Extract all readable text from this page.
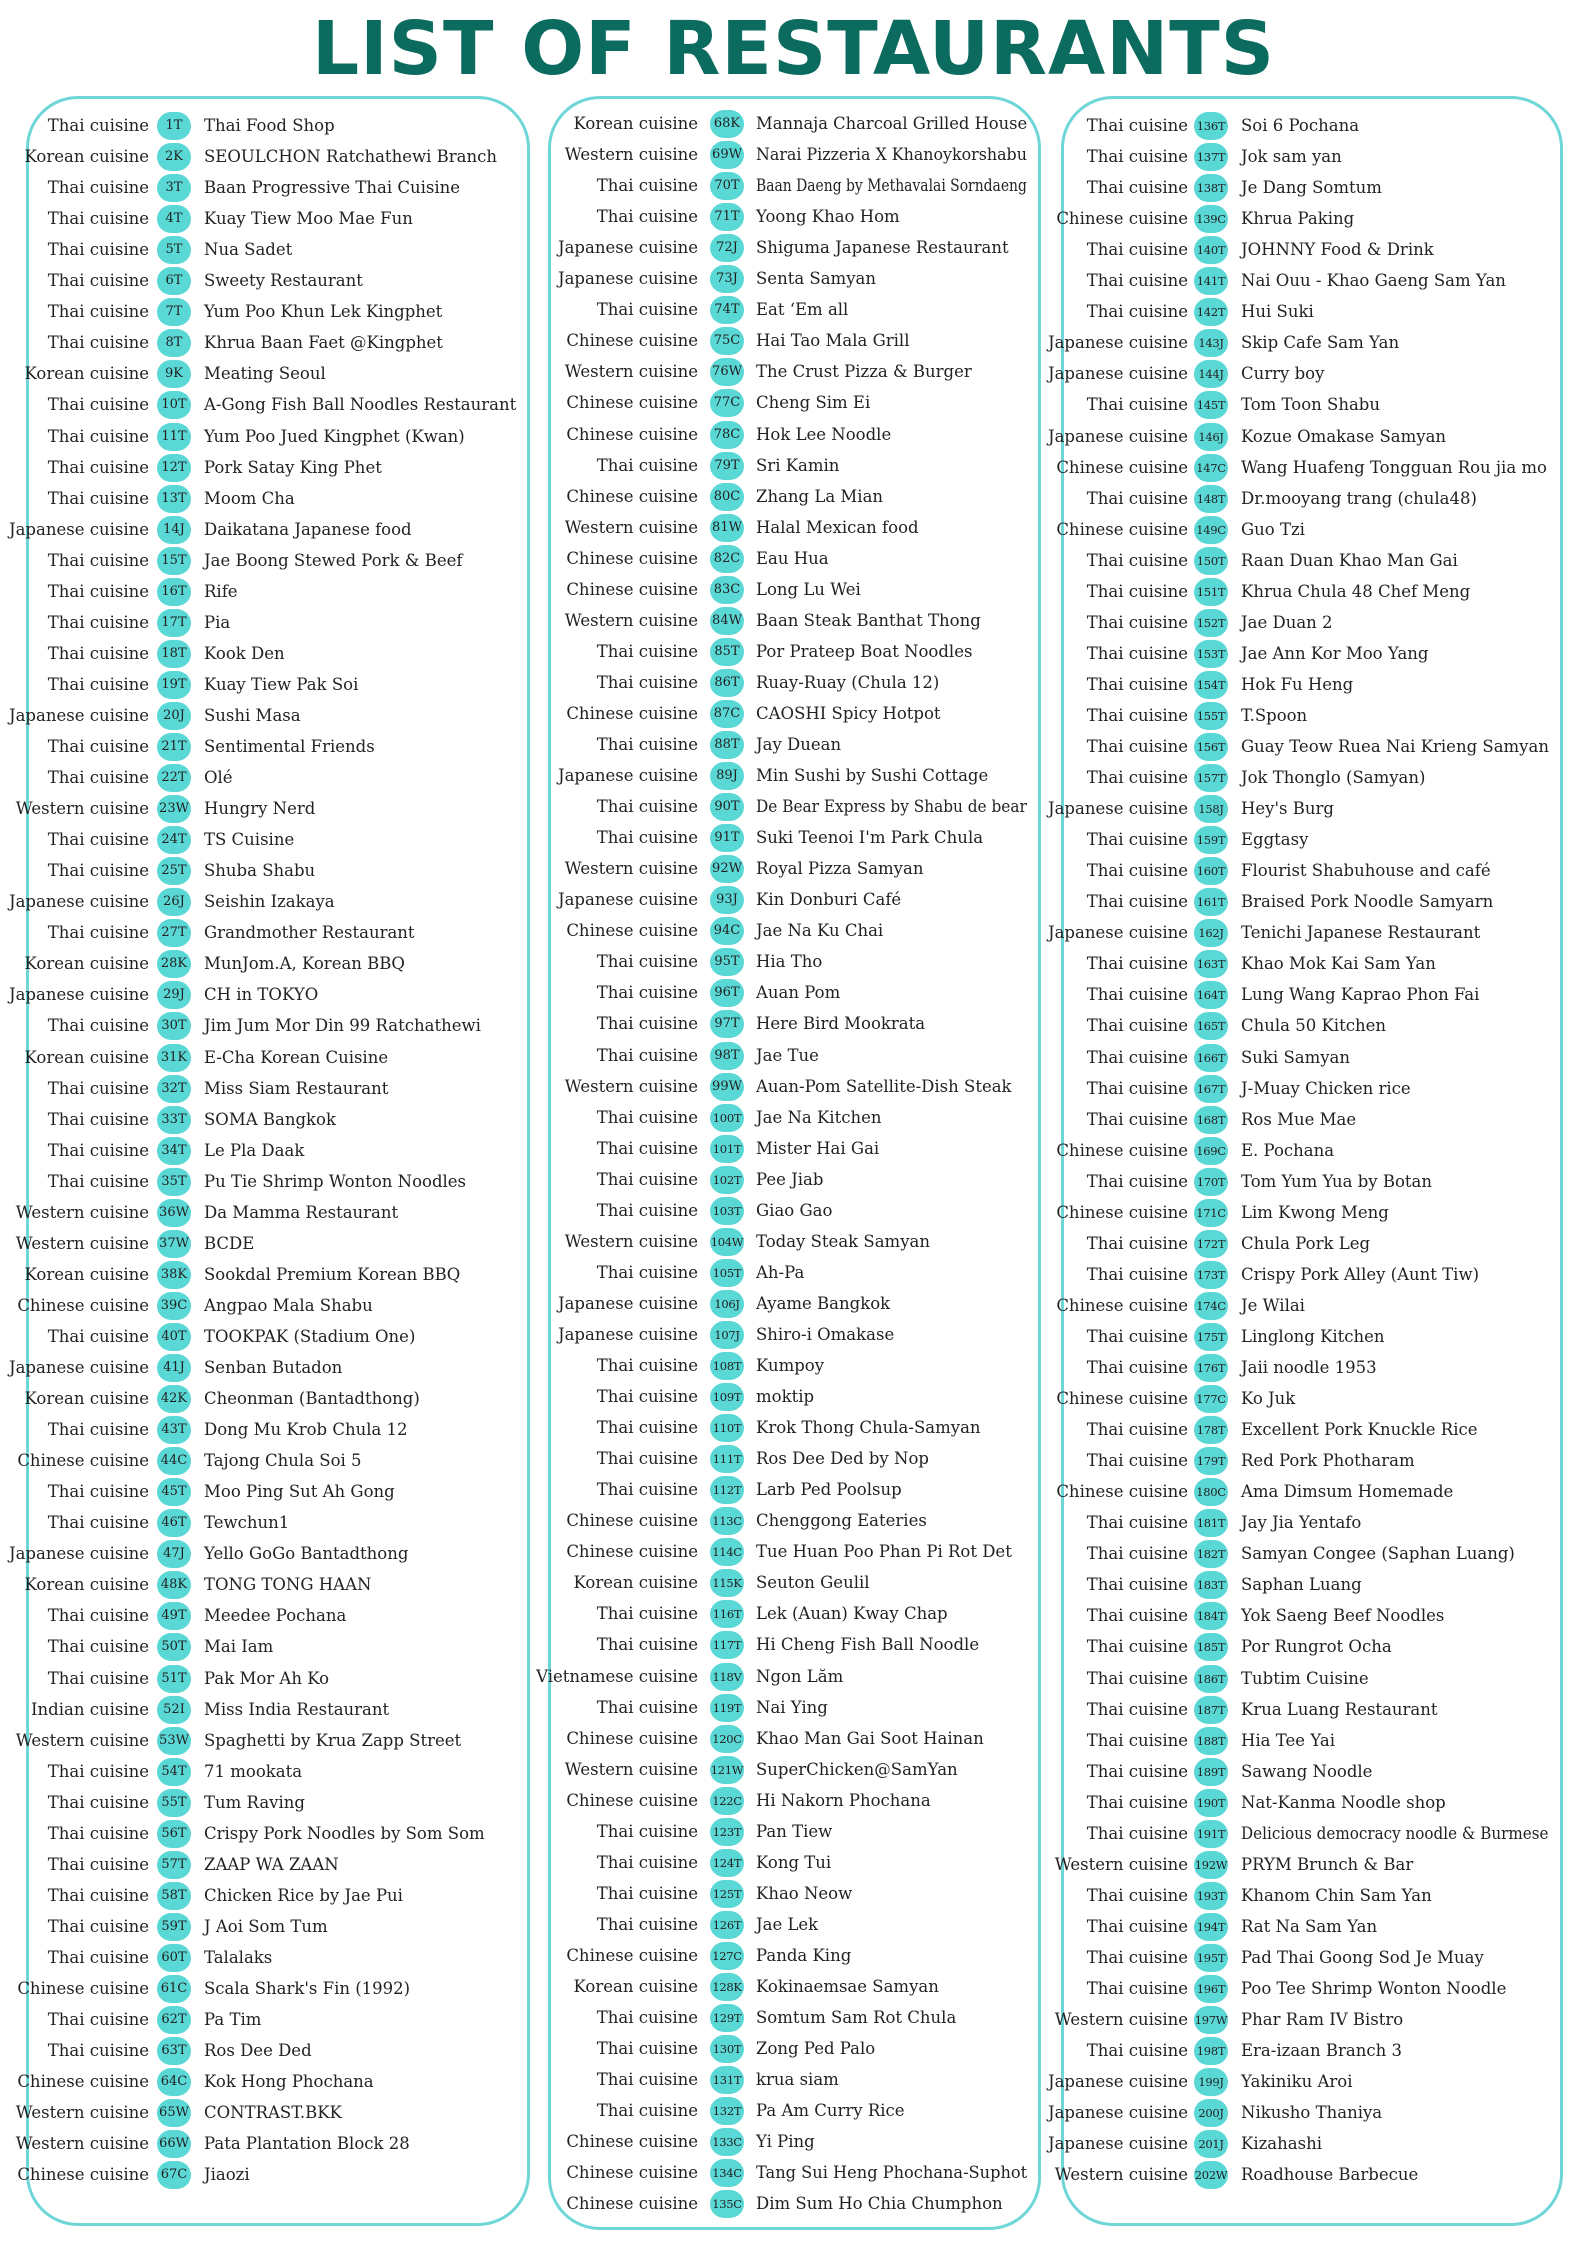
LIST OF RESTAURANTS
Thai cuisine	1T	Thai Food Shop
Korean cuisine	2K	SEOULCHON Ratchathewi Branch
Thai cuisine	3T	Baan Progressive Thai Cuisine
Thai cuisine	4T	Kuay Tiew Moo Mae Fun
Thai cuisine	5T	Nua Sadet
Thai cuisine	6T	Sweety Restaurant
Thai cuisine	7T	Yum Poo Khun Lek Kingphet
Thai cuisine	8T	Khrua Baan Faet @Kingphet
Korean cuisine	9K	Meating Seoul
Thai cuisine 10T A-Gong Fish Ball Noodles Restaurant
Thai cuisine 11T Yum Poo Jued Kingphet (Kwan)
Thai cuisine 12T Pork Satay King Phet
Thai cuisine 13T Moom Cha
Japanese cuisine	14J	Daikatana Japanese food
Thai cuisine 15T Jae Boong Stewed Pork & Beef
Thai cuisine 16T Rife
Thai cuisine 17T Pia
Thai cuisine 18T Kook Den
Thai cuisine 19T Kuay Tiew Pak Soi
Japanese cuisine	20J	Sushi Masa
Thai cuisine 21T Sentimental Friends
Thai cuisine 22T Olé
Western cuisine 23W Hungry Nerd
Thai cuisine 24T TS Cuisine
Thai cuisine 25T Shuba Shabu
Japanese cuisine	26J	Seishin Izakaya
Thai cuisine 27T Grandmother Restaurant
Korean cuisine 28K MunJom.A, Korean BBQ
Japanese cuisine	29J	CH in TOKYO
Thai cuisine 30T Jim Jum Mor Din 99 Ratchathewi
Korean cuisine 31K E-Cha Korean Cuisine
Thai cuisine 32T Miss Siam Restaurant
Thai cuisine 33T SOMA Bangkok
Thai cuisine 34T Le Pla Daak
Thai cuisine 35T Pu Tie Shrimp Wonton Noodles
Western cuisine 36W Da Mamma Restaurant
Western cuisine 37W BCDE
Korean cuisine 38K Sookdal Premium Korean BBQ
Chinese cuisine 39C Angpao Mala Shabu
Thai cuisine 40T TOOKPAK (Stadium One)
Japanese cuisine	41J	Senban Butadon
Korean cuisine 42K Cheonman (Bantadthong)
Thai cuisine 43T Dong Mu Krob Chula 12
Chinese cuisine 44C Tajong Chula Soi 5
Thai cuisine 45T Moo Ping Sut Ah Gong
Thai cuisine 46T Tewchun1
Japanese cuisine	47J	Yello GoGo Bantadthong
Korean cuisine 48K TONG TONG HAAN
Thai cuisine 49T Meedee Pochana
Thai cuisine 50T Mai Iam
Thai cuisine 51T Pak Mor Ah Ko
Indian cuisine	52I	Miss India Restaurant
Western cuisine 53W Spaghetti by Krua Zapp Street
Thai cuisine 54T 71 mookata
Thai cuisine 55T Tum Raving
Thai cuisine 56T Crispy Pork Noodles by Som Som
Thai cuisine 57T ZAAP WA ZAAN
Thai cuisine 58T Chicken Rice by Jae Pui
Thai cuisine 59T J Aoi Som Tum
Thai cuisine 60T Talalaks
Chinese cuisine 61C Scala Shark's Fin (1992)
Thai cuisine 62T Pa Tim
Thai cuisine 63T Ros Dee Ded
Chinese cuisine 64C Kok Hong Phochana
Western cuisine 65W CONTRAST.BKK
Western cuisine 66W Pata Plantation Block 28
Chinese cuisine 67C Jiaozi
Korean cuisine 68K Mannaja Charcoal Grilled House
Western cuisine 69W Narai Pizzeria X Khanoykorshabu
Thai cuisine	70T Baan Daeng by Methavalai Sorndaeng
Thai cuisine	71T Yoong Khao Hom
Japanese cuisine	72J	Shiguma Japanese Restaurant
Japanese cuisine	73J	Senta Samyan
Thai cuisine	74T Eat ‘Em all
Chinese cuisine 75C Hai Tao Mala Grill
Western cuisine 76W The Crust Pizza & Burger
Chinese cuisine 77C Cheng Sim Ei
Chinese cuisine 78C Hok Lee Noodle
Thai cuisine	79T Sri Kamin
Chinese cuisine 80C Zhang La Mian
Western cuisine 81W Halal Mexican food
Chinese cuisine 82C Eau Hua
Chinese cuisine 83C Long Lu Wei
Western cuisine 84W Baan Steak Banthat Thong
Thai cuisine	85T Por Prateep Boat Noodles
Thai cuisine	86T Ruay-Ruay (Chula 12)
Chinese cuisine 87C CAOSHI Spicy Hotpot
Thai cuisine	88T Jay Duean
Japanese cuisine	89J	Min Sushi by Sushi Cottage
Thai cuisine	90T De Bear Express by Shabu de bear
Thai cuisine	91T Suki Teenoi I'm Park Chula
Western cuisine 92W Royal Pizza Samyan
Japanese cuisine	93J	Kin Donburi Café
Chinese cuisine 94C Jae Na Ku Chai
Thai cuisine	95T Hia Tho
Thai cuisine	96T Auan Pom
Thai cuisine	97T Here Bird Mookrata
Thai cuisine	98T Jae Tue
Western cuisine 99W Auan-Pom Satellite-Dish Steak
Thai cuisine 100T Jae Na Kitchen
Thai cuisine 101T Mister Hai Gai
Thai cuisine 102T Pee Jiab
Thai cuisine 103T Giao Gao
Western cuisine 104W Today Steak Samyan
Thai cuisine 105T Ah-Pa
Japanese cuisine	106J Ayame Bangkok
Japanese cuisine	107J Shiro-i Omakase
Thai cuisine 108T Kumpoy
Thai cuisine 109T moktip
Thai cuisine 110T Krok Thong Chula-Samyan
Thai cuisine 111T Ros Dee Ded by Nop
Thai cuisine 112T Larb Ped Poolsup
Chinese cuisine 113C Chenggong Eateries
Chinese cuisine 114C Tue Huan Poo Phan Pi Rot Det
Korean cuisine 115K Seuton Geulil
Thai cuisine 116T Lek (Auan) Kway Chap
Thai cuisine 117T Hi Cheng Fish Ball Noodle
Vietnamese cuisine 118V Ngon Lăm
Thai cuisine 119T Nai Ying
Chinese cuisine 120C Khao Man Gai Soot Hainan
Western cuisine 121W SuperChicken@SamYan
Chinese cuisine 122C Hi Nakorn Phochana
Thai cuisine 123T Pan Tiew
Thai cuisine 124T Kong Tui
Thai cuisine 125T Khao Neow
Thai cuisine 126T Jae Lek
Chinese cuisine 127C Panda King
Korean cuisine 128K Kokinaemsae Samyan
Thai cuisine 129T Somtum Sam Rot Chula
Thai cuisine 130T Zong Ped Palo
Thai cuisine 131T krua siam
Thai cuisine 132T Pa Am Curry Rice
Chinese cuisine 133C Yi Ping
Chinese cuisine 134C Tang Sui Heng Phochana-Suphot
Chinese cuisine 135C Dim Sum Ho Chia Chumphon
Thai cuisine 136T Soi 6 Pochana
Thai cuisine 137T Jok sam yan
Thai cuisine 138T Je Dang Somtum
Chinese cuisine 139C Khrua Paking
Thai cuisine 140T JOHNNY Food & Drink
Thai cuisine 141T Nai Ouu - Khao Gaeng Sam Yan
Thai cuisine 142T Hui Suki
Japanese cuisine 143J Skip Cafe Sam Yan
Japanese cuisine 144J Curry boy
Thai cuisine 145T Tom Toon Shabu
Japanese cuisine 146J Kozue Omakase Samyan
Chinese cuisine 147C Wang Huafeng Tongguan Rou jia mo
Thai cuisine 148T Dr.mooyang trang (chula48)
Chinese cuisine 149C Guo Tzi
Thai cuisine 150T Raan Duan Khao Man Gai
Thai cuisine 151T Khrua Chula 48 Chef Meng
Thai cuisine 152T Jae Duan 2
Thai cuisine 153T Jae Ann Kor Moo Yang
Thai cuisine 154T Hok Fu Heng
Thai cuisine 155T T.Spoon
Thai cuisine 156T Guay Teow Ruea Nai Krieng Samyan
Thai cuisine 157T Jok Thonglo (Samyan)
Japanese cuisine 158J Hey's Burg
Thai cuisine 159T Eggtasy
Thai cuisine 160T Flourist Shabuhouse and café
Thai cuisine 161T Braised Pork Noodle Samyarn
Japanese cuisine 162J Tenichi Japanese Restaurant
Thai cuisine 163T Khao Mok Kai Sam Yan
Thai cuisine 164T Lung Wang Kaprao Phon Fai
Thai cuisine 165T Chula 50 Kitchen
Thai cuisine 166T Suki Samyan
Thai cuisine 167T J-Muay Chicken rice
Thai cuisine 168T Ros Mue Mae
Chinese cuisine 169C E. Pochana
Thai cuisine 170T Tom Yum Yua by Botan
Chinese cuisine 171C Lim Kwong Meng
Thai cuisine 172T Chula Pork Leg
Thai cuisine 173T Crispy Pork Alley (Aunt Tiw)
Chinese cuisine 174C Je Wilai
Thai cuisine 175T Linglong Kitchen
Thai cuisine 176T Jaii noodle 1953
Chinese cuisine 177C Ko Juk
Thai cuisine 178T Excellent Pork Knuckle Rice
Thai cuisine 179T Red Pork Photharam
Chinese cuisine 180C Ama Dimsum Homemade
Thai cuisine 181T Jay Jia Yentafo
Thai cuisine 182T Samyan Congee (Saphan Luang)
Thai cuisine 183T Saphan Luang
Thai cuisine 184T Yok Saeng Beef Noodles
Thai cuisine 185T Por Rungrot Ocha
Thai cuisine 186T Tubtim Cuisine
Thai cuisine 187T Krua Luang Restaurant
Thai cuisine 188T Hia Tee Yai
Thai cuisine 189T Sawang Noodle
Thai cuisine 190T Nat-Kanma Noodle shop
Thai cuisine 191T Delicious democracy noodle & Burmese
Western cuisine 192W PRYM Brunch & Bar
Thai cuisine 193T Khanom Chin Sam Yan
Thai cuisine 194T Rat Na Sam Yan
Thai cuisine 195T Pad Thai Goong Sod Je Muay
Thai cuisine 196T Poo Tee Shrimp Wonton Noodle
Western cuisine 197W Phar Ram IV Bistro
Thai cuisine 198T Era-izaan Branch 3
Japanese cuisine 199J Yakiniku Aroi
Japanese cuisine 200J Nikusho Thaniya
Japanese cuisine 201J Kizahashi
Western cuisine 202W Roadhouse Barbecue
